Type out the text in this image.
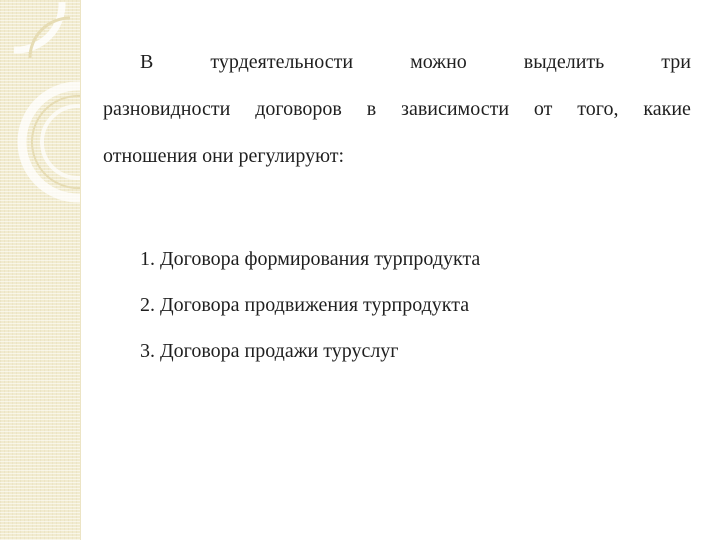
В	турдеятельности	можно	выделить	три
разновидности договоров в зависимости от того, какие
отношения они регулируют:
1. Договора формирования турпродукта
2. Договора продвижения турпродукта
3. Договора продажи туруслуг
